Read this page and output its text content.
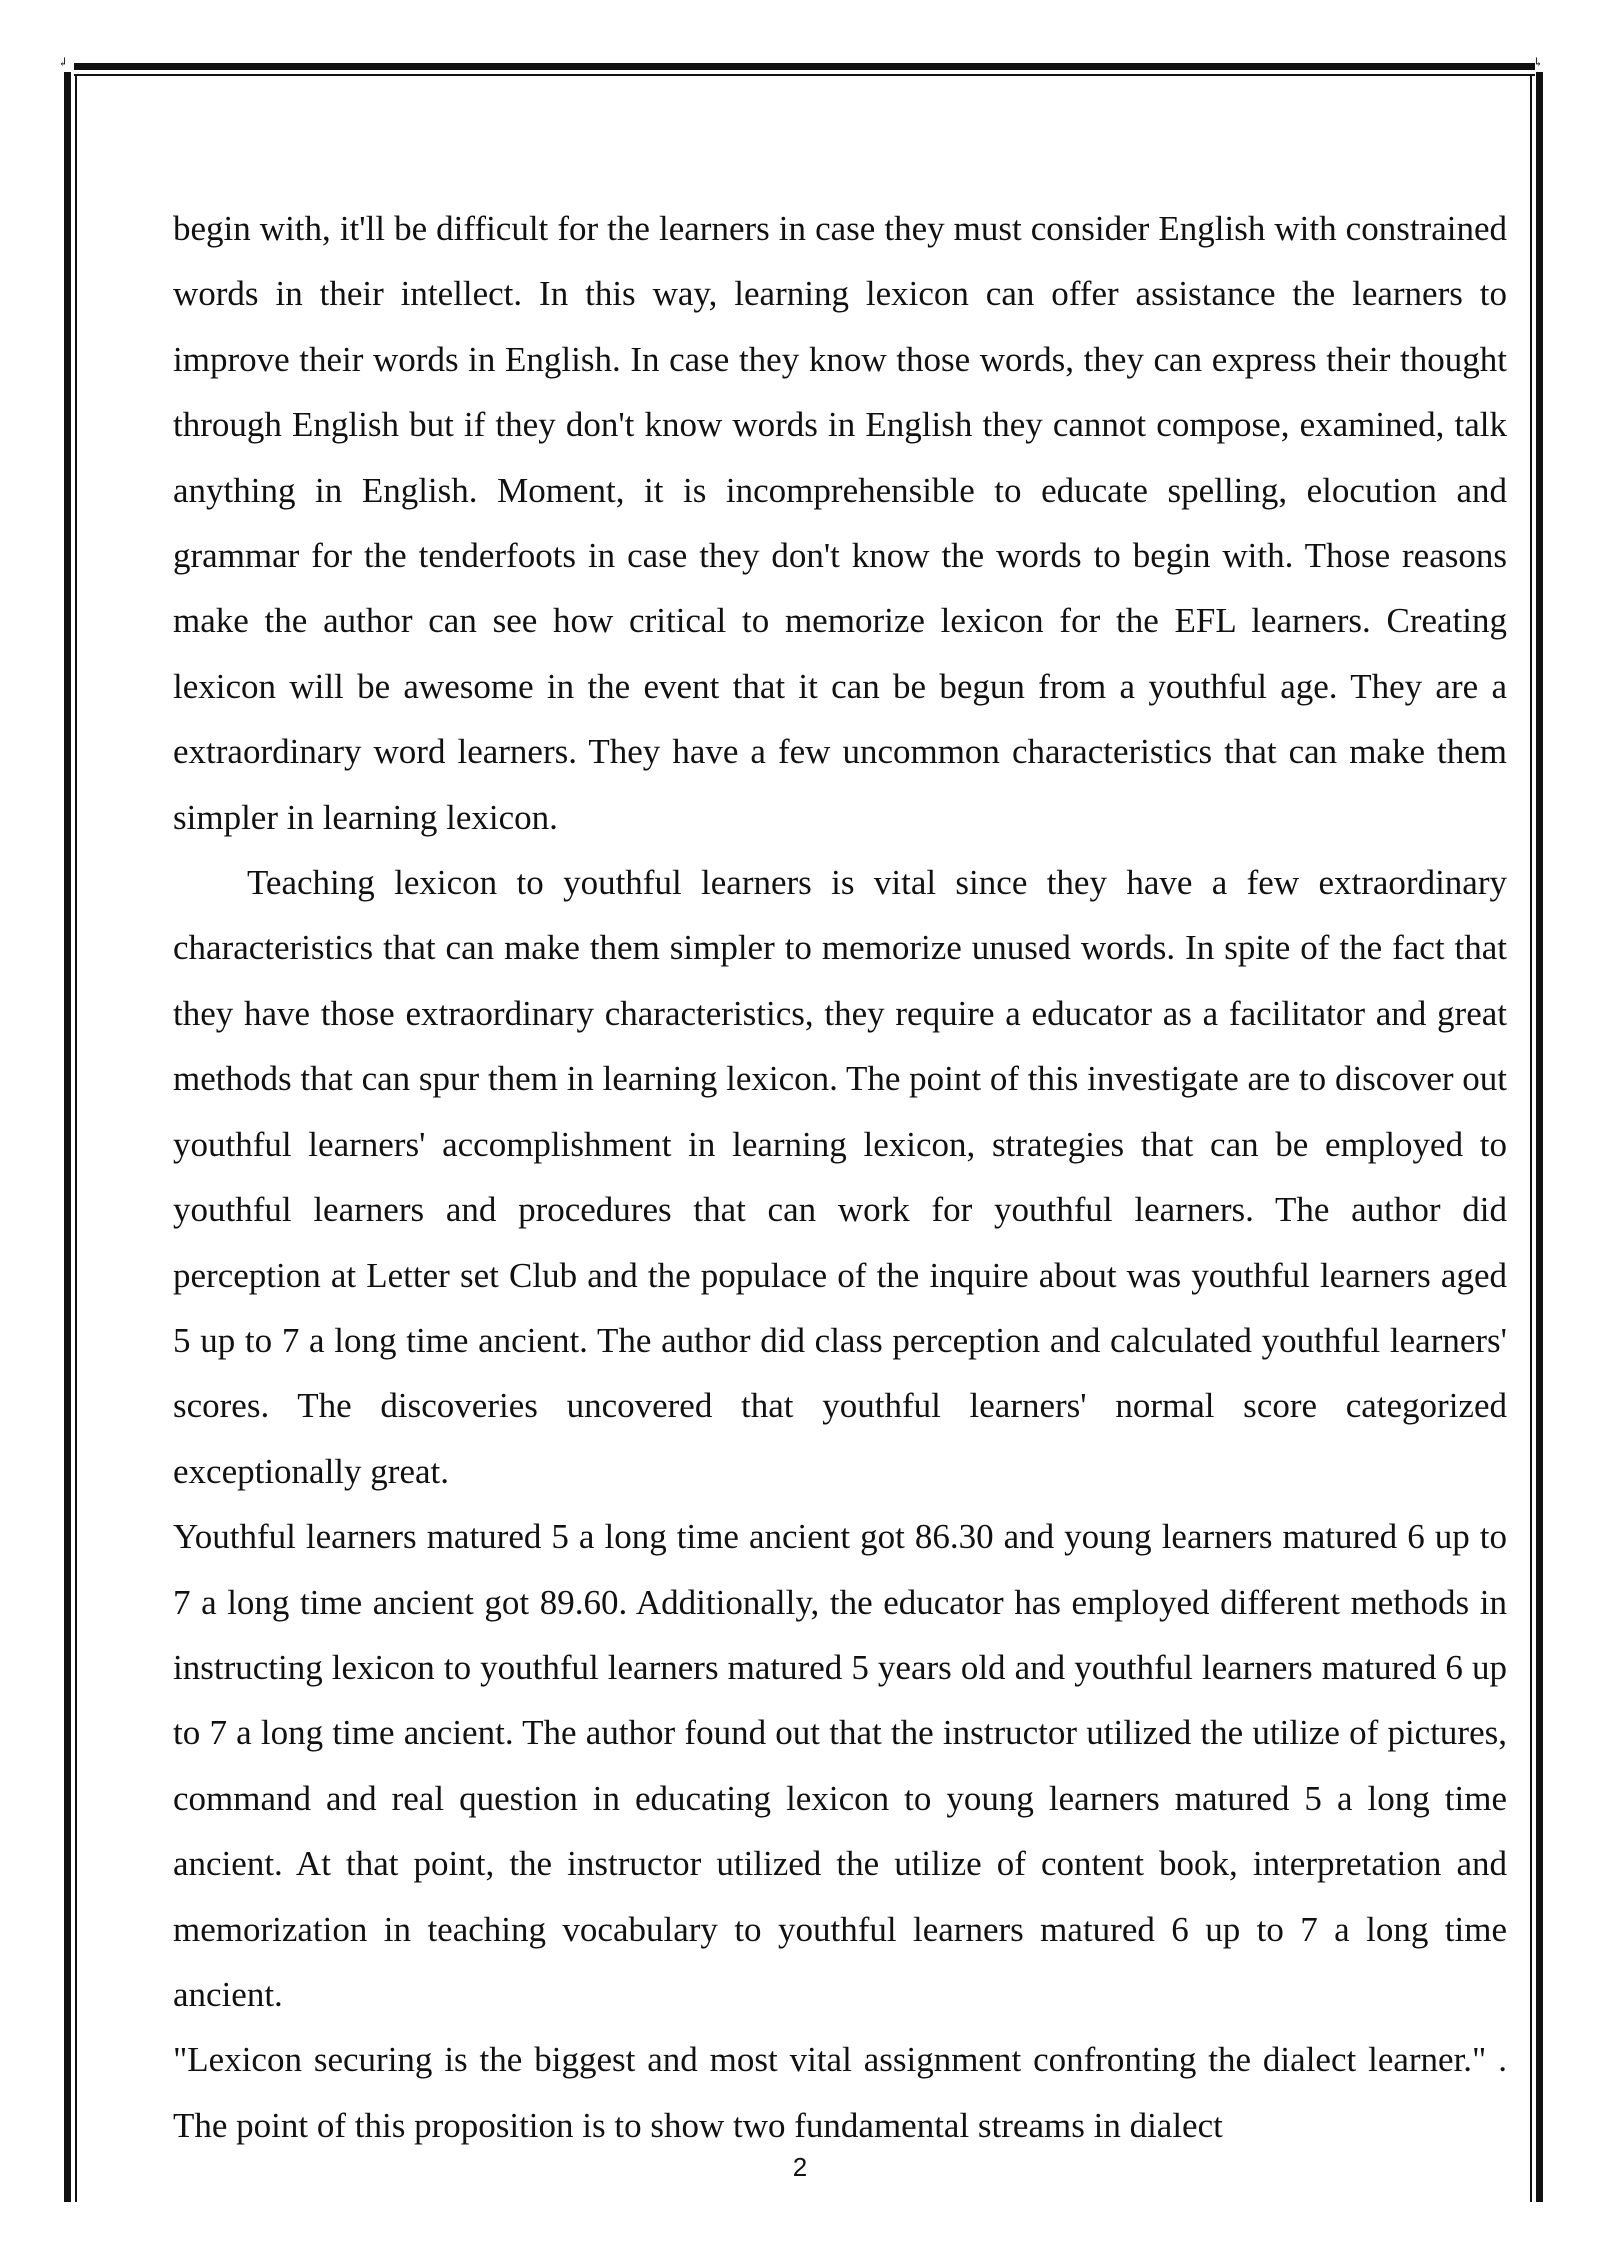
↲	↳

begin with, it'll be difficult for the learners in case they must consider English with constrained words in their intellect. In this way, learning lexicon can offer assistance the learners to improve their words in English. In case they know those words, they can express their thought through English but if they don't know words in English they cannot compose, examined, talk anything in English. Moment, it is incomprehensible to educate spelling, elocution and grammar for the tenderfoots in case they don't know the words to begin with. Those reasons make the author can see how critical to memorize lexicon for the EFL learners. Creating lexicon will be awesome in the event that it can be begun from a youthful age. They are a extraordinary word learners. They have a few uncommon characteristics that can make them simpler in learning lexicon.

Teaching lexicon to youthful learners is vital since they have a few extraordinary characteristics that can make them simpler to memorize unused words. In spite of the fact that they have those extraordinary characteristics, they require a educator as a facilitator and great methods that can spur them in learning lexicon. The point of this investigate are to discover out youthful learners' accomplishment in learning lexicon, strategies that can be employed to youthful learners and procedures that can work for youthful learners. The author did perception at Letter set Club and the populace of the inquire about was youthful learners aged 5 up to 7 a long time ancient. The author did class perception and calculated youthful learners' scores. The discoveries uncovered that youthful learners' normal score categorized exceptionally great.

Youthful learners matured 5 a long time ancient got 86.30 and young learners matured 6 up to 7 a long time ancient got 89.60. Additionally, the educator has employed different methods in instructing lexicon to youthful learners matured 5 years old and youthful learners matured 6 up to 7 a long time ancient. The author found out that the instructor utilized the utilize of pictures, command and real question in educating lexicon to young learners matured 5 a long time ancient. At that point, the instructor utilized the utilize of content book, interpretation and memorization in teaching vocabulary to youthful learners matured 6 up to 7 a long time ancient.

"Lexicon securing is the biggest and most vital assignment confronting the dialect learner." . The point of this proposition is to show two fundamental streams in dialect

2
